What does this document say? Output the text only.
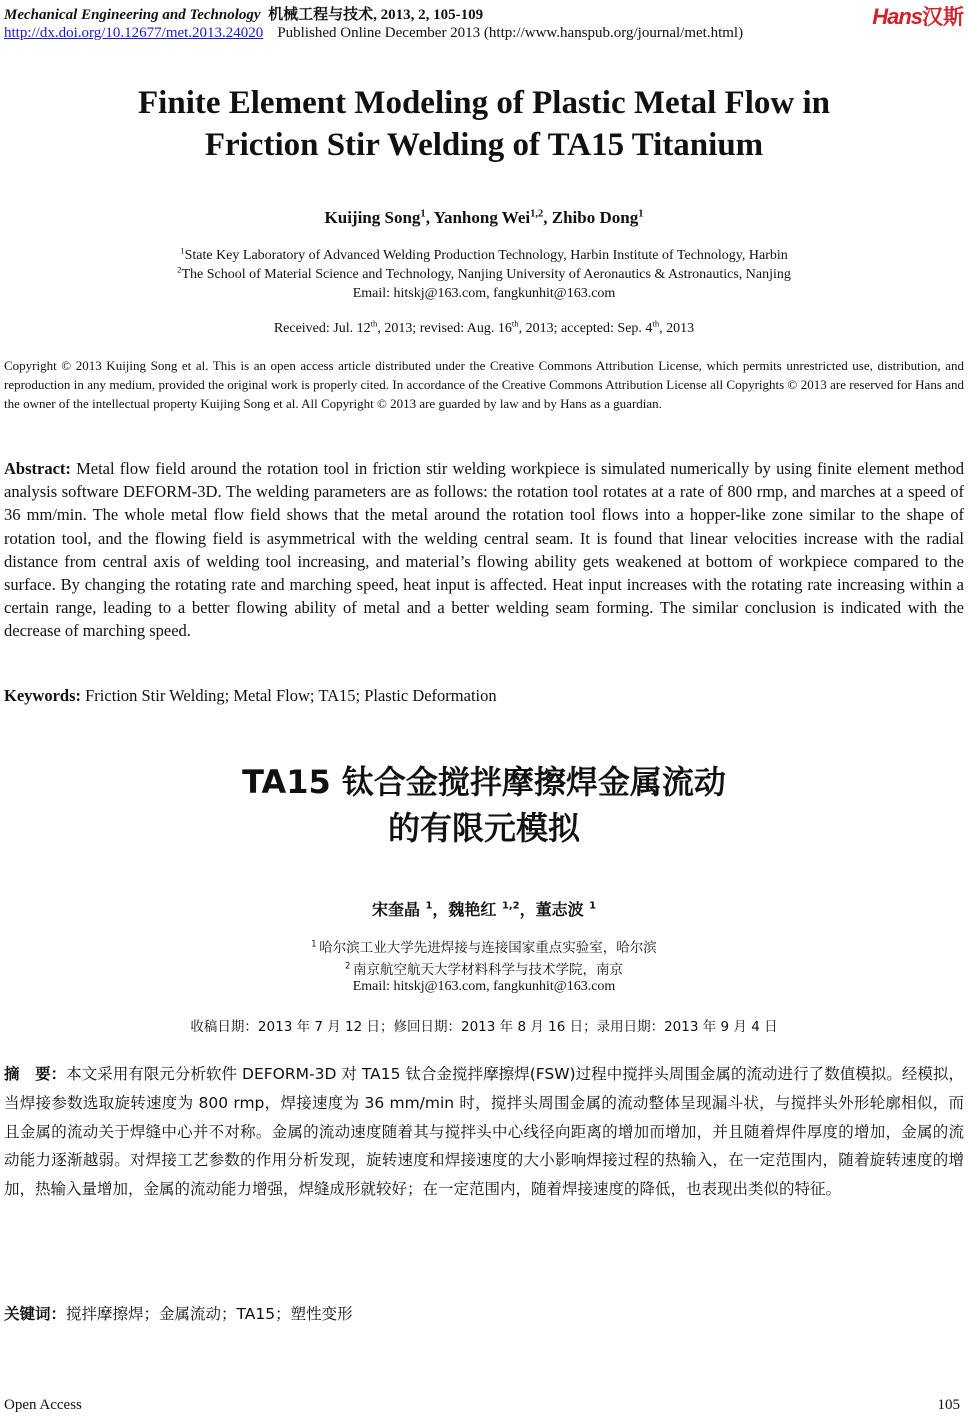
Mechanical Engineering and Technology 机械工程与技术, 2013, 2, 105-109
http://dx.doi.org/10.12677/met.2013.24020 Published Online December 2013 (http://www.hanspub.org/journal/met.html)
Hans汉斯
Finite Element Modeling of Plastic Metal Flow in
Friction Stir Welding of TA15 Titanium
Kuijing Song$^1$, Yanhong Wei$^{1,2}$, Zhibo Dong$^1$
$^1$State Key Laboratory of Advanced Welding Production Technology, Harbin Institute of Technology, Harbin
$^2$The School of Material Science and Technology, Nanjing University of Aeronautics & Astronautics, Nanjing
Email: hitskj@163.com, fangkunhit@163.com
Received: Jul. 12th, 2013; revised: Aug. 16th, 2013; accepted: Sep. 4th, 2013
Copyright © 2013 Kuijing Song et al. This is an open access article distributed under the Creative Commons Attribution License, which permits unrestricted use, distribution, and reproduction in any medium, provided the original work is properly cited. In accordance of the Creative Commons Attribution License all Copyrights © 2013 are reserved for Hans and the owner of the intellectual property Kuijing Song et al. All Copyright © 2013 are guarded by law and by Hans as a guardian.
Abstract: Metal flow field around the rotation tool in friction stir welding workpiece is simulated numerically by using finite element method analysis software DEFORM-3D. The welding parameters are as follows: the rotation tool rotates at a rate of 800 rmp, and marches at a speed of 36 mm/min. The whole metal flow field shows that the metal around the rotation tool flows into a hopper-like zone similar to the shape of rotation tool, and the flowing field is asymmetrical with the welding central seam. It is found that linear velocities increase with the radial distance from central axis of welding tool increasing, and material’s flowing ability gets weakened at bottom of workpiece compared to the surface. By changing the rotating rate and marching speed, heat input is affected. Heat input increases with the rotating rate increasing within a certain range, leading to a better flowing ability of metal and a better welding seam forming. The similar conclusion is indicated with the decrease of marching speed.
Keywords: Friction Stir Welding; Metal Flow; TA15; Plastic Deformation
TA15 钛合金搅拌摩擦焊金属流动
的有限元模拟
宋奎晶 $^1$，魏艳红 $^{1,2}$，董志波 $^1$
$^1$ 哈尔滨工业大学先进焊接与连接国家重点实验室，哈尔滨
$^2$ 南京航空航天大学材料科学与技术学院，南京
Email: hitskj@163.com, fangkunhit@163.com
收稿日期：2013 年 7 月 12 日；修回日期：2013 年 8 月 16 日；录用日期：2013 年 9 月 4 日
摘　要：本文采用有限元分析软件 DEFORM-3D 对 TA15 钛合金搅拌摩擦焊(FSW)过程中搅拌头周围金属的流动进行了数值模拟。经模拟，当焊接参数选取旋转速度为 800 rmp，焊接速度为 36 mm/min 时，搅拌头周围金属的流动整体呈现漏斗状，与搅拌头外形轮廓相似，而且金属的流动关于焊缝中心并不对称。金属的流动速度随着其与搅拌头中心线径向距离的增加而增加，并且随着焊件厚度的增加，金属的流动能力逐渐越弱。对焊接工艺参数的作用分析发现，旋转速度和焊接速度的大小影响焊接过程的热输入，在一定范围内，随着旋转速度的增加，热输入量增加，金属的流动能力增强，焊缝成形就较好；在一定范围内，随着焊接速度的降低，也表现出类似的特征。
关键词：搅拌摩擦焊；金属流动；TA15；塑性变形
Open Access	105
